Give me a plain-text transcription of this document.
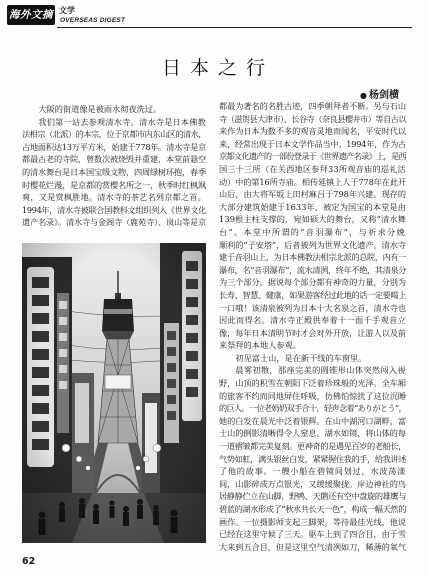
海外文摘 文学
OVERSEAS DIGEST
日本之行
● 杨剑横
大阪的街道像是被雨水彻夜洗过。
我们第一站去参观清水寺。清水寺是日本佛教
法相宗（北派）的本宗，位于京都市内东山区的清水，
占地面积达13万平方米，始建于778年。清水寺是京
都最古老的寺院，曾数次被烧毁并重建，本堂前悬空
的清水舞台是日本国宝级文物，四周绿树环抱，春季
时樱花烂漫，是京都的赏樱名所之一，秋季时红枫飒
爽，又是赏枫胜地。清水寺的茶艺名列京都之首。
1994年，清水寺被联合国教科文组织列入《世界文化
遗产名录》。清水寺与金阁寺（鹿苑寺）、岚山等是京
都最为著名的名胜古迹，四季朝拜者不断。另与石山
寺（滋贺县大津市）、长谷寺（奈良县樱井市）等自古以
来作为日本为数不多的观音灵地而闻名，平安时代以
来，经常出现于日本文学作品当中。1994年，作为古
京都文化遗产的一部份登录于《世界遗产名录》上，是西
国三十三所（在关西地区参拜33所观音庙的巡礼活
动）中的第16所寺庙。相传延镇上人于778年在此开
山后，由大将军坂上田村麻吕于798年兴建。现存的
大部分建筑始建于1633年，被定为国宝的本堂是由
139根主柱支撑的，宛如硕大的舞台，又称“清水舞
台”。本堂中所谓的“音羽瀑布”，与祈求分娩
顺利的“子安塔”，后者被列为世界文化遗产。清水寺
建于音羽山上，为日本佛教法相宗北派的总院，内有一
瀑布，名“音羽瀑布”，流水清洌，终年不绝，其清泉分
为三个部分，据说每个部分都有神奇的力量，分别为
长寿、智慧、健康，如果游客经过此地的话一定要喝上
一口哦！该清泉被列为日本十大名泉之首，清水寺也
因此而得名。清水寺正殿供奉着十一面千手观音立
像，每年日本清明节时才会对外开放，让游人以及前
来祭拜的本地人参观。
初见富士山，是在新干线的车窗里。
晨雾初散，那座完美的圆锥形山体突然闯入视
野，山顶的积雪在朝阳下泛着珍珠般的光泽。全车厢
的旅客不约而同地屏住呼吸，仿佛怕惊扰了这位沉睡
的巨人。一位老奶奶双手合十，轻声念着“ありがとう”，
她的白发在晨光中泛着银辉。在山中湖河口湖畔，富
士山的倒影清晰得令人窒息。湖水如镜，将山体的每
一道褶皱都完美复刻。更神奇的是遇见百岁的老船长，
气势如虹，满头银丝白发，紧紧握住我的手，给我讲述
了他的故事。一艘小船在碧镜间划过，水波荡漾
间，山影碎成万点银光，又缓缓聚拢。岸边神社的鸟
居静静伫立在山脚，野鸭、天鹅还有空中盘旋的雄鹰与
碧蓝的湖水形成了“秋水共长天一色”，构成一幅天然的
画作。一位摄影师支起三脚架，等待最佳光线，他说
已经在这里守候了三天。驱车上到了四合目，由于雪
大来到五合目，但是这里空气清冽如刀，稀薄的氧气
62
